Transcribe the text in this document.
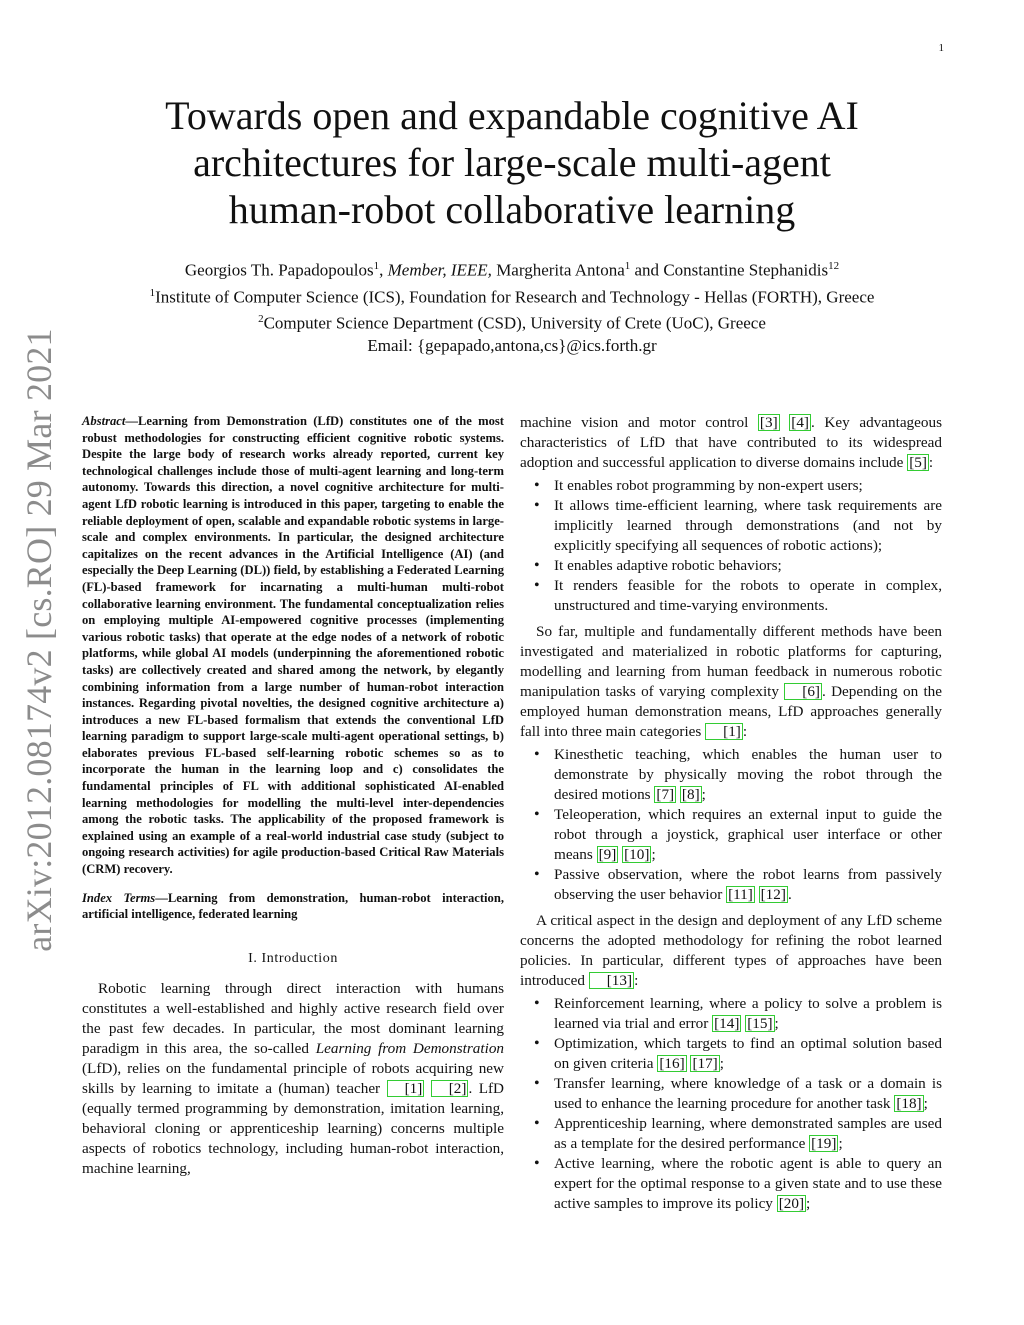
1
arXiv:2012.08174v2 [cs.RO] 29 Mar 2021
Towards open and expandable cognitive AI
architectures for large-scale multi-agent
human-robot collaborative learning
Georgios Th. Papadopoulos$^1$, Member, IEEE, Margherita Antona$^1$ and Constantine Stephanidis$^{12}$
$^1$Institute of Computer Science (ICS), Foundation for Research and Technology - Hellas (FORTH), Greece
$^2$Computer Science Department (CSD), University of Crete (UoC), Greece
Email: {gepapado,antona,cs}@ics.forth.gr

Abstract—Learning from Demonstration (LfD) constitutes one of the most robust methodologies for constructing efficient cognitive robotic systems. Despite the large body of research works already reported, current key technological challenges include those of multi-agent learning and long-term autonomy. Towards this direction, a novel cognitive architecture for multi-agent LfD robotic learning is introduced in this paper, targeting to enable the reliable deployment of open, scalable and expandable robotic systems in large-scale and complex environments. In particular, the designed architecture capitalizes on the recent advances in the Artificial Intelligence (AI) (and especially the Deep Learning (DL)) field, by establishing a Federated Learning (FL)-based framework for incarnating a multi-human multi-robot collaborative learning environment. The fundamental conceptualization relies on employing multiple AI-empowered cognitive processes (implementing various robotic tasks) that operate at the edge nodes of a network of robotic platforms, while global AI models (underpinning the aforementioned robotic tasks) are collectively created and shared among the network, by elegantly combining information from a large number of human-robot interaction instances. Regarding pivotal novelties, the designed cognitive architecture a) introduces a new FL-based formalism that extends the conventional LfD learning paradigm to support large-scale multi-agent operational settings, b) elaborates previous FL-based self-learning robotic schemes so as to incorporate the human in the learning loop and c) consolidates the fundamental principles of FL with additional sophisticated AI-enabled learning methodologies for modelling the multi-level inter-dependencies among the robotic tasks. The applicability of the proposed framework is explained using an example of a real-world industrial case study (subject to ongoing research activities) for agile production-based Critical Raw Materials (CRM) recovery.

Index Terms—Learning from demonstration, human-robot interaction, artificial intelligence, federated learning

I. Introduction

Robotic learning through direct interaction with humans constitutes a well-established and highly active research field over the past few decades. In particular, the most dominant learning paradigm in this area, the so-called Learning from Demonstration (LfD), relies on the fundamental principle of robots acquiring new skills by learning to imitate a (human) teacher [1] [2] . LfD (equally termed programming by demonstration, imitation learning, behavioral cloning or apprenticeship learning) concerns multiple aspects of robotics technology, including human-robot interaction, machine learning,

machine vision and motor control [3] [4] . Key advantageous characteristics of LfD that have contributed to its widespread adoption and successful application to diverse domains include [5] :

• It enables robot programming by non-expert users;
• It allows time-efficient learning, where task requirements are implicitly learned through demonstrations (and not by explicitly specifying all sequences of robotic actions);
• It enables adaptive robotic behaviors;
• It renders feasible for the robots to operate in complex, unstructured and time-varying environments.

So far, multiple and fundamentally different methods have been investigated and materialized in robotic platforms for capturing, modelling and learning from human feedback in numerous robotic manipulation tasks of varying complexity [6] . Depending on the employed human demonstration means, LfD approaches generally fall into three main categories [1] :

• Kinesthetic teaching, which enables the human user to demonstrate by physically moving the robot through the desired motions [7] [8] ;
• Teleoperation, which requires an external input to guide the robot through a joystick, graphical user interface or other means [9] [10] ;
• Passive observation, where the robot learns from passively observing the user behavior [11] [12] .

A critical aspect in the design and deployment of any LfD scheme concerns the adopted methodology for refining the robot learned policies. In particular, different types of approaches have been introduced [13] :

• Reinforcement learning, where a policy to solve a problem is learned via trial and error [14] [15] ;
• Optimization, which targets to find an optimal solution based on given criteria [16] [17] ;
• Transfer learning, where knowledge of a task or a domain is used to enhance the learning procedure for another task [18] ;
• Apprenticeship learning, where demonstrated samples are used as a template for the desired performance [19] ;
• Active learning, where the robotic agent is able to query an expert for the optimal response to a given state and to use these active samples to improve its policy [20] ;
